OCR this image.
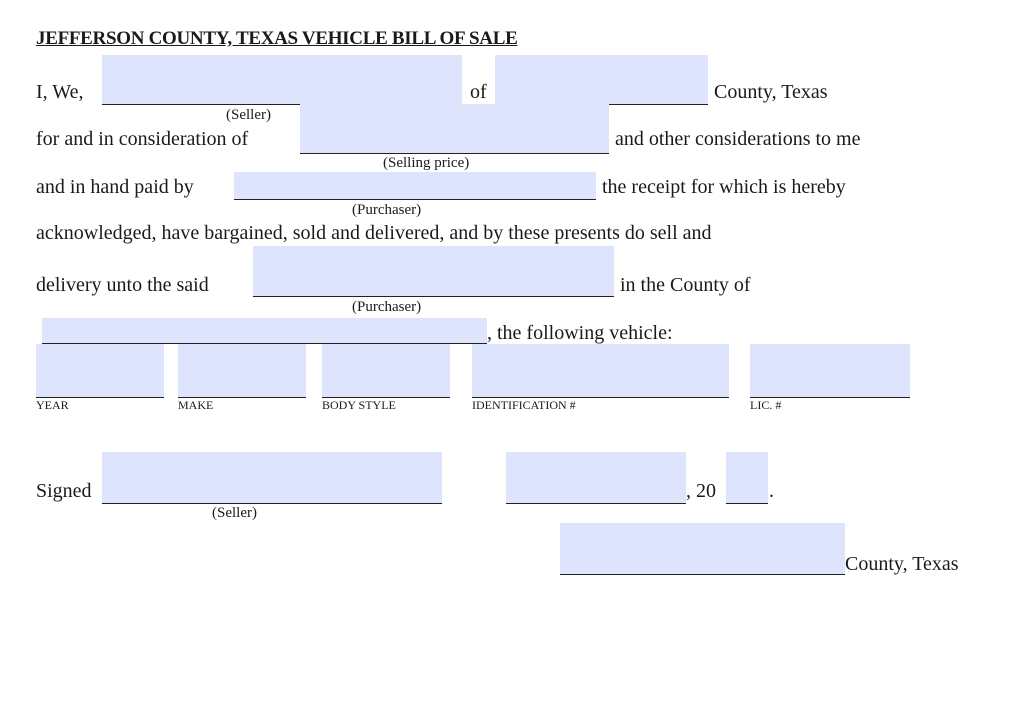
JEFFERSON COUNTY, TEXAS VEHICLE BILL OF SALE
I, We,	of	County, Texas
(Seller)
for and in consideration of	and other considerations to me
(Selling price)
and in hand paid by	the receipt for which is hereby
(Purchaser)
acknowledged, have bargained, sold and delivered, and by these presents do sell and
delivery unto the said	in the County of
(Purchaser)
, the following vehicle:
YEAR	MAKE	BODY STYLE	IDENTIFICATION #	LIC. #
Signed
(Seller)
, 20	.
County, Texas
